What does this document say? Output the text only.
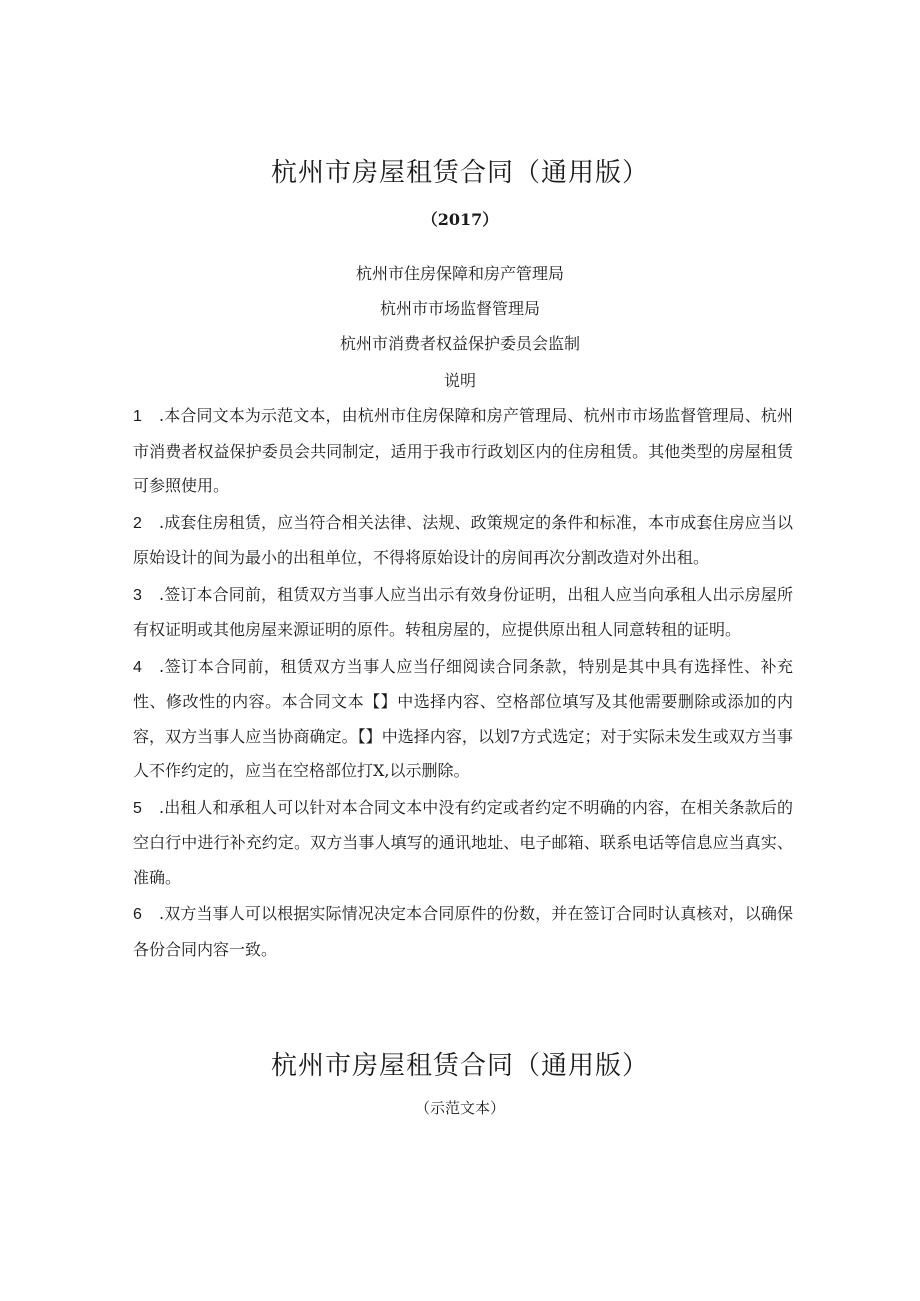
杭州市房屋租赁合同（通用版）
（2017）
杭州市住房保障和房产管理局
杭州市市场监督管理局
杭州市消费者权益保护委员会监制
说明

1 .本合同文本为示范文本，由杭州市住房保障和房产管理局、杭州市市场监督管理局、杭州市消费者权益保护委员会共同制定，适用于我市行政划区内的住房租赁。其他类型的房屋租赁可参照使用。

2 .成套住房租赁，应当符合相关法律、法规、政策规定的条件和标准，本市成套住房应当以原始设计的间为最小的出租单位，不得将原始设计的房间再次分割改造对外出租。

3 .签订本合同前，租赁双方当事人应当出示有效身份证明，出租人应当向承租人出示房屋所有权证明或其他房屋来源证明的原件。转租房屋的，应提供原出租人同意转租的证明。

4 .签订本合同前，租赁双方当事人应当仔细阅读合同条款，特别是其中具有选择性、补充性、修改性的内容。本合同文本【】中选择内容、空格部位填写及其他需要删除或添加的内容，双方当事人应当协商确定。【】中选择内容，以划7方式选定；对于实际未发生或双方当事人不作约定的，应当在空格部位打X,以示删除。

5 .出租人和承租人可以针对本合同文本中没有约定或者约定不明确的内容，在相关条款后的空白行中进行补充约定。双方当事人填写的通讯地址、电子邮箱、联系电话等信息应当真实、准确。

6 .双方当事人可以根据实际情况决定本合同原件的份数，并在签订合同时认真核对，以确保各份合同内容一致。

杭州市房屋租赁合同（通用版）
（示范文本）
